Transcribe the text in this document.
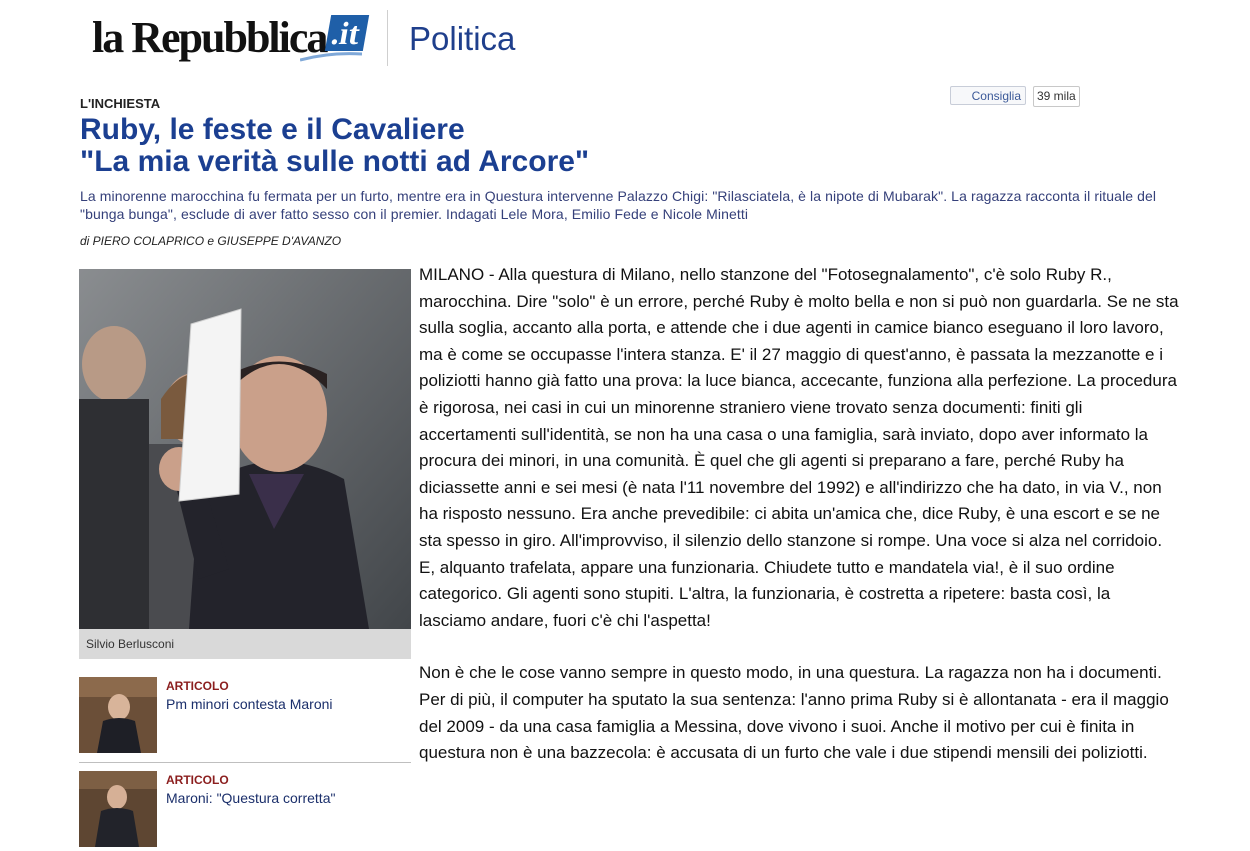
la Repubblica.it Politica
Consiglia	39 mila
L'INCHIESTA
Ruby, le feste e il Cavaliere
"La mia verità sulle notti ad Arcore"
La minorenne marocchina fu fermata per un furto, mentre era in Questura intervenne Palazzo Chigi: "Rilasciatela, è la nipote di Mubarak". La ragazza racconta il rituale del "bunga bunga", esclude di aver fatto sesso con il premier. Indagati Lele Mora, Emilio Fede e Nicole Minetti
di PIERO COLAPRICO e GIUSEPPE D'AVANZO
Silvio Berlusconi
ARTICOLO
Pm minori contesta Maroni
ARTICOLO
Maroni: "Questura corretta"

MILANO - Alla questura di Milano, nello stanzone del "Fotosegnalamento", c'è solo Ruby R., marocchina. Dire "solo" è un errore, perché Ruby è molto bella e non si può non guardarla. Se ne sta sulla soglia, accanto alla porta, e attende che i due agenti in camice bianco eseguano il loro lavoro, ma è come se occupasse l'intera stanza. E' il 27 maggio di quest'anno, è passata la mezzanotte e i poliziotti hanno già fatto una prova: la luce bianca, accecante, funziona alla perfezione. La procedura è rigorosa, nei casi in cui un minorenne straniero viene trovato senza documenti: finiti gli accertamenti sull'identità, se non ha una casa o una famiglia, sarà inviato, dopo aver informato la procura dei minori, in una comunità. È quel che gli agenti si preparano a fare, perché Ruby ha diciassette anni e sei mesi (è nata l'11 novembre del 1992) e all'indirizzo che ha dato, in via V., non ha risposto nessuno. Era anche prevedibile: ci abita un'amica che, dice Ruby, è una escort e se ne sta spesso in giro. All'improvviso, il silenzio dello stanzone si rompe. Una voce si alza nel corridoio. E, alquanto trafelata, appare una funzionaria. Chiudete tutto e mandatela via!, è il suo ordine categorico. Gli agenti sono stupiti. L'altra, la funzionaria, è costretta a ripetere: basta così, la lasciamo andare, fuori c'è chi l'aspetta!

Non è che le cose vanno sempre in questo modo, in una questura. La ragazza non ha i documenti. Per di più, il computer ha sputato la sua sentenza: l'anno prima Ruby si è allontanata - era il maggio del 2009 - da una casa famiglia a Messina, dove vivono i suoi. Anche il motivo per cui è finita in questura non è una bazzecola: è accusata di un furto che vale i due stipendi mensili dei poliziotti.
